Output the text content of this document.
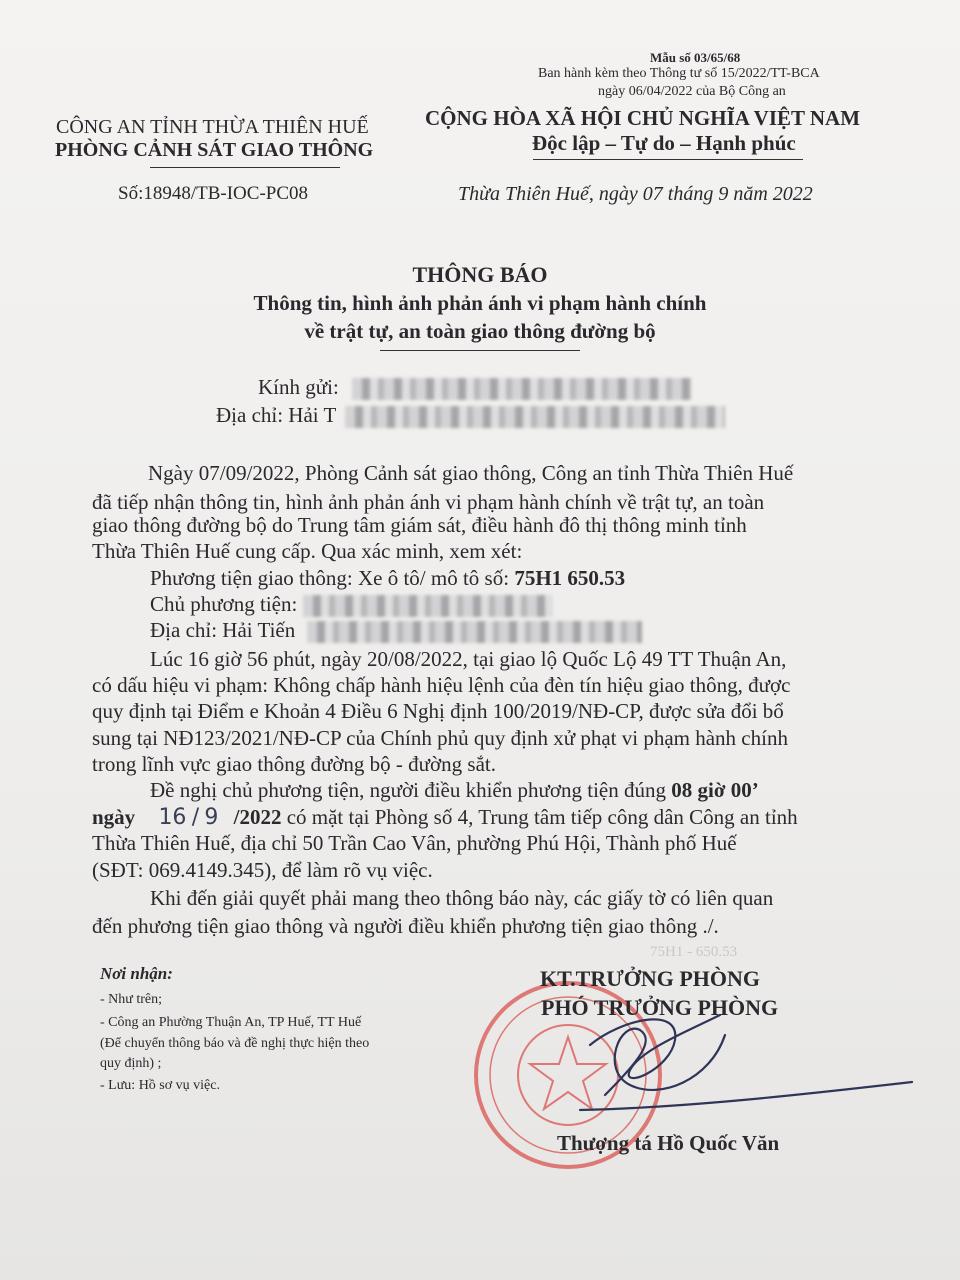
Mẫu số 03/65/68
Ban hành kèm theo Thông tư số 15/2022/TT-BCA
ngày 06/04/2022 của Bộ Công an
CÔNG AN TỈNH THỪA THIÊN HUẾ
PHÒNG CẢNH SÁT GIAO THÔNG
Số:18948/TB-IOC-PC08
CỘNG HÒA XÃ HỘI CHỦ NGHĨA VIỆT NAM
Độc lập – Tự do – Hạnh phúc
Thừa Thiên Huế, ngày 07 tháng 9 năm 2022
THÔNG BÁO
Thông tin, hình ảnh phản ánh vi phạm hành chính
về trật tự, an toàn giao thông đường bộ
Kính gửi:
Địa chỉ: Hải T
Ngày 07/09/2022, Phòng Cảnh sát giao thông, Công an tỉnh Thừa Thiên Huế
đã tiếp nhận thông tin, hình ảnh phản ánh vi phạm hành chính về trật tự, an toàn
giao thông đường bộ do Trung tâm giám sát, điều hành đô thị thông minh tỉnh
Thừa Thiên Huế cung cấp. Qua xác minh, xem xét:
Phương tiện giao thông: Xe ô tô/ mô tô số: 75H1 650.53
Chủ phương tiện:
Địa chỉ: Hải Tiến
Lúc 16 giờ 56 phút, ngày 20/08/2022, tại giao lộ Quốc Lộ 49 TT Thuận An,
có dấu hiệu vi phạm: Không chấp hành hiệu lệnh của đèn tín hiệu giao thông, được
quy định tại Điểm e Khoản 4 Điều 6 Nghị định 100/2019/NĐ-CP, được sửa đổi bổ
sung tại NĐ123/2021/NĐ-CP của Chính phủ quy định xử phạt vi phạm hành chính
trong lĩnh vực giao thông đường bộ - đường sắt.
Đề nghị chủ phương tiện, người điều khiển phương tiện đúng 08 giờ 00’
ngày 16 / 9 /2022 có mặt tại Phòng số 4, Trung tâm tiếp công dân Công an tỉnh
Thừa Thiên Huế, địa chỉ 50 Trần Cao Vân, phường Phú Hội, Thành phố Huế
(SĐT: 069.4149.345), để làm rõ vụ việc.
Khi đến giải quyết phải mang theo thông báo này, các giấy tờ có liên quan
đến phương tiện giao thông và người điều khiển phương tiện giao thông ./.
Nơi nhận:
- Như trên;
- Công an Phường Thuận An, TP Huế, TT Huế
(Để chuyển thông báo và đề nghị thực hiện theo
quy định) ;
- Lưu: Hồ sơ vụ việc.
75H1 - 650.53
KT.TRƯỞNG PHÒNG
PHÓ TRƯỞNG PHÒNG
Thượng tá Hồ Quốc Văn
